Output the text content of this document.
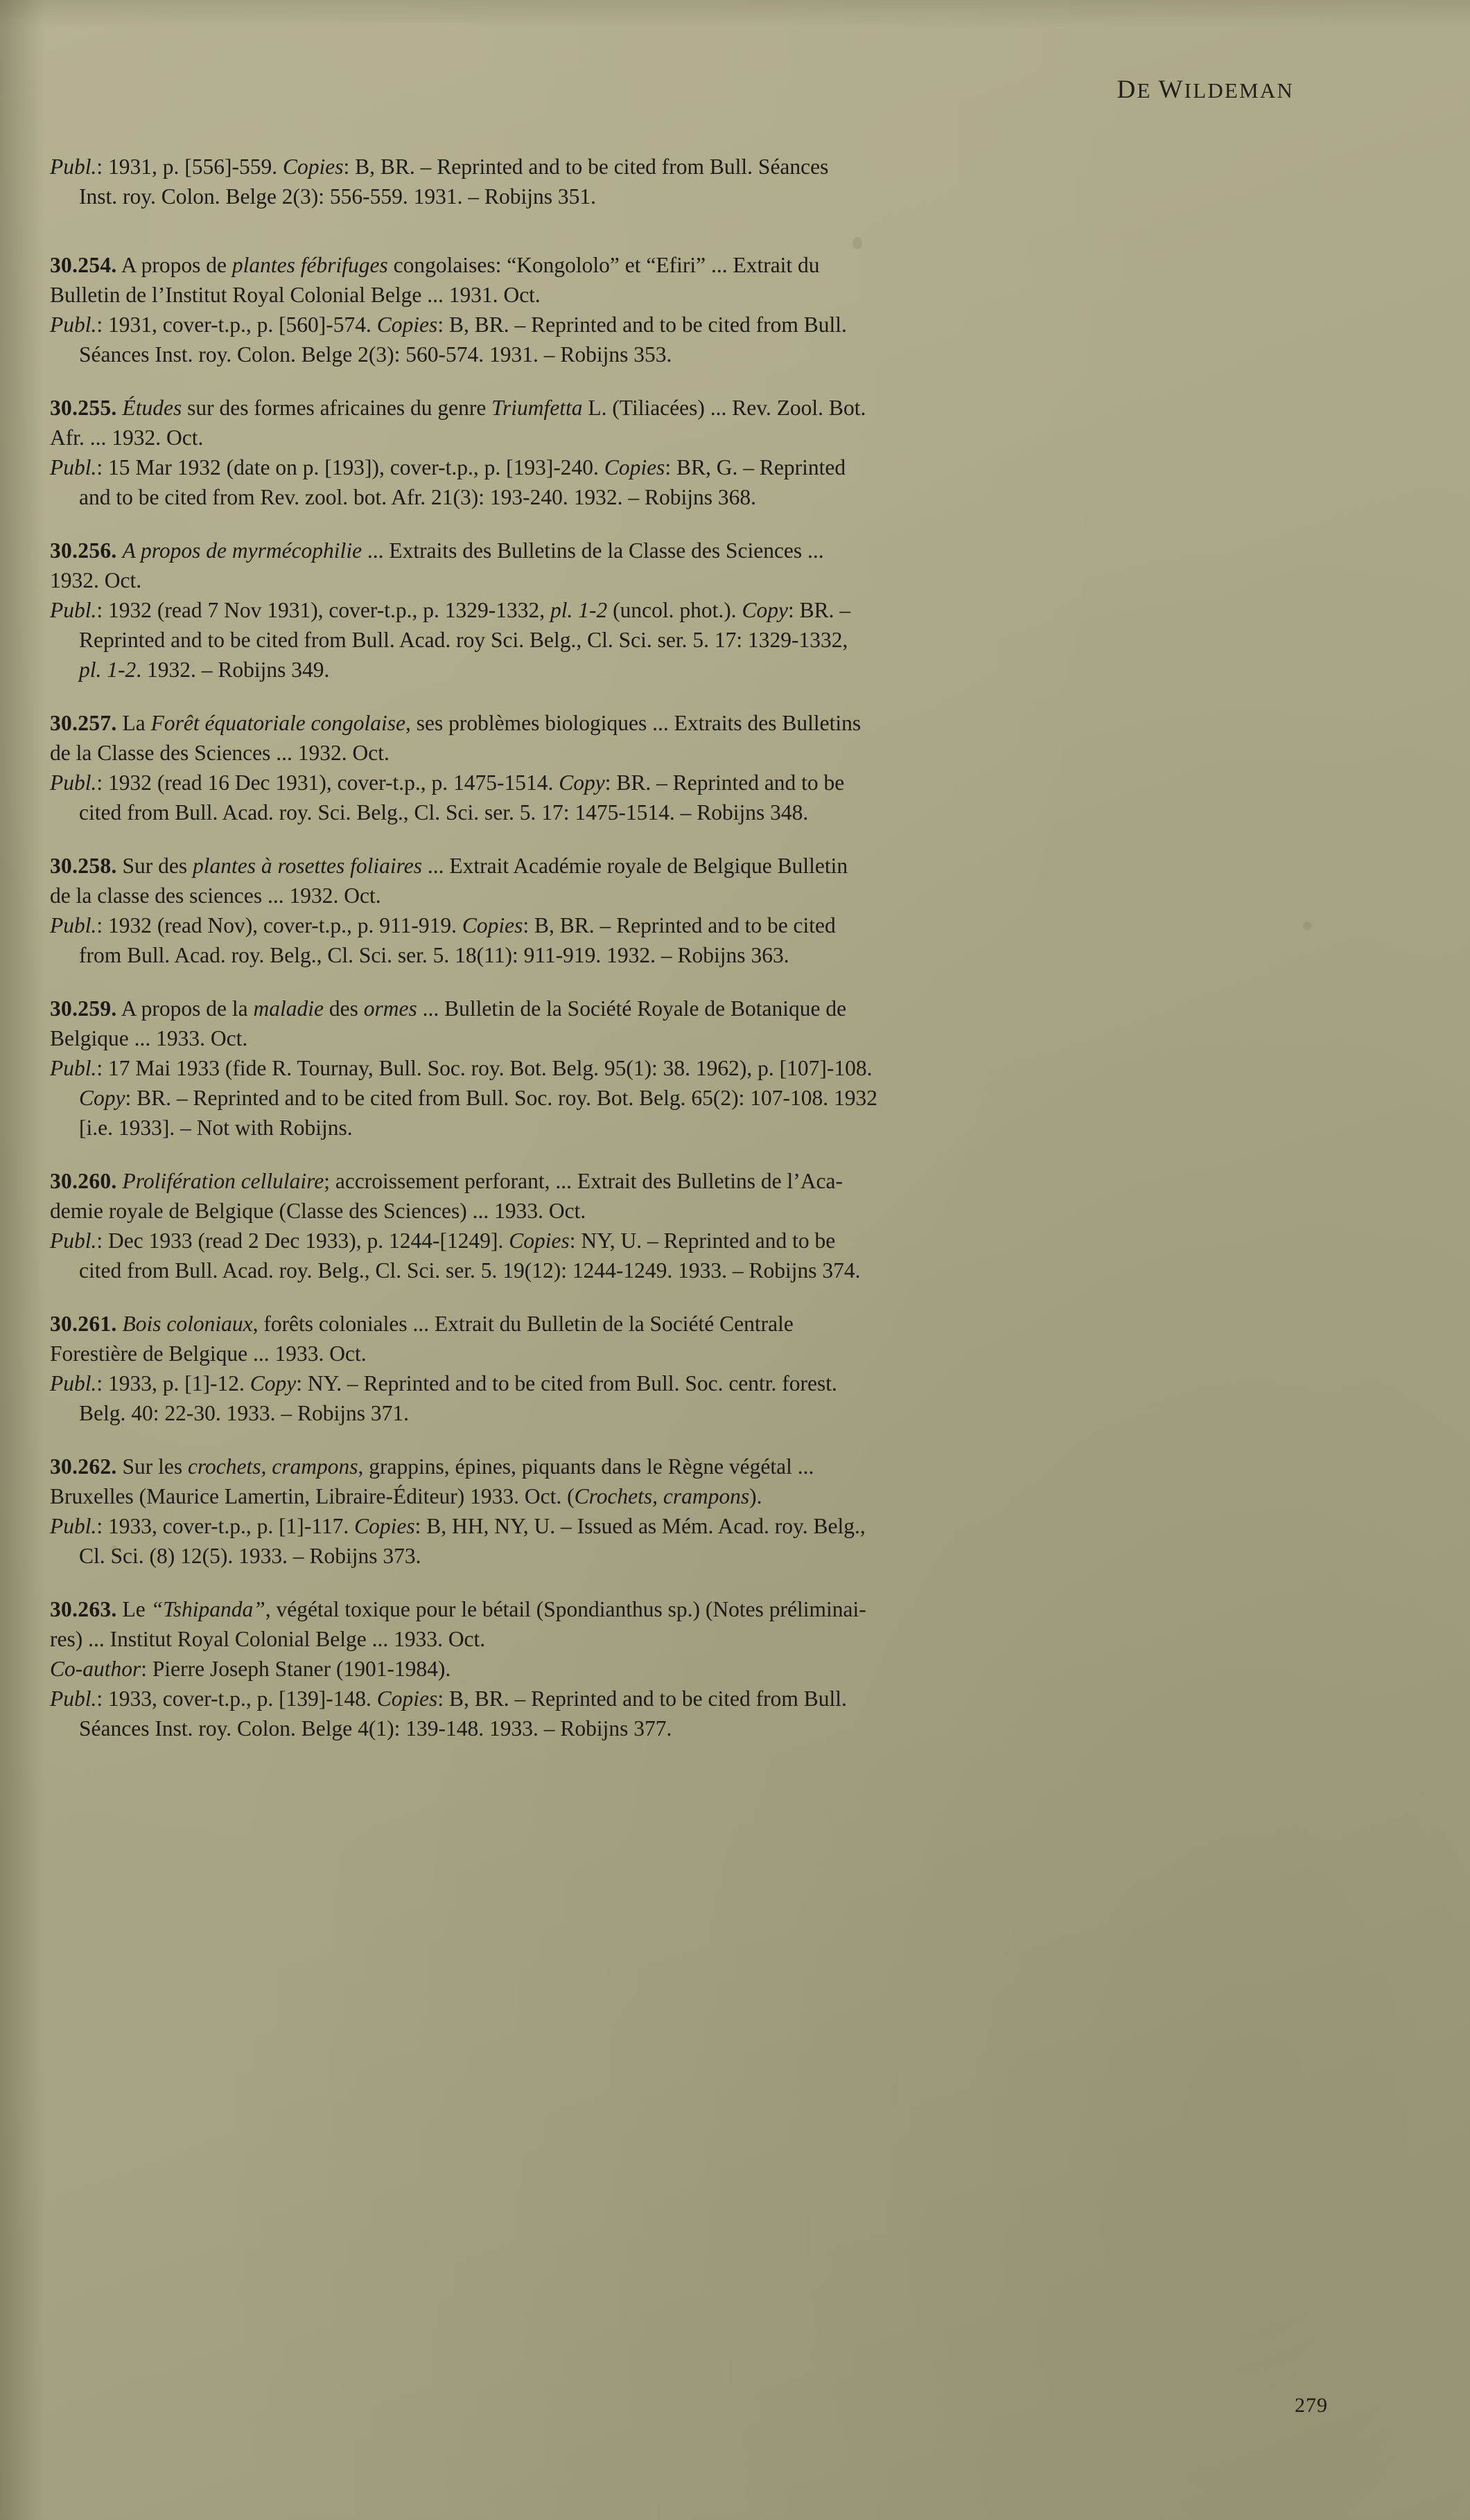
DE WILDEMAN

Publ.: 1931, p. [556]-559. Copies: B, BR. – Reprinted and to be cited from Bull. Séances

Inst. roy. Colon. Belge 2(3): 556-559. 1931. – Robijns 351.

30.254. A propos de plantes fébrifuges congolaises: “Kongololo” et “Efiri” ... Extrait du

Bulletin de l’Institut Royal Colonial Belge ... 1931. Oct.

Publ.: 1931, cover-t.p., p. [560]-574. Copies: B, BR. – Reprinted and to be cited from Bull.

Séances Inst. roy. Colon. Belge 2(3): 560-574. 1931. – Robijns 353.

30.255. Études sur des formes africaines du genre Triumfetta L. (Tiliacées) ... Rev. Zool. Bot.

Afr. ... 1932. Oct.

Publ.: 15 Mar 1932 (date on p. [193]), cover-t.p., p. [193]-240. Copies: BR, G. – Reprinted

and to be cited from Rev. zool. bot. Afr. 21(3): 193-240. 1932. – Robijns 368.

30.256. A propos de myrmécophilie ... Extraits des Bulletins de la Classe des Sciences ...

1932. Oct.

Publ.: 1932 (read 7 Nov 1931), cover-t.p., p. 1329-1332, pl. 1-2 (uncol. phot.). Copy: BR. –

Reprinted and to be cited from Bull. Acad. roy Sci. Belg., Cl. Sci. ser. 5. 17: 1329-1332,

pl. 1-2. 1932. – Robijns 349.

30.257. La Forêt équatoriale congolaise, ses problèmes biologiques ... Extraits des Bulletins

de la Classe des Sciences ... 1932. Oct.

Publ.: 1932 (read 16 Dec 1931), cover-t.p., p. 1475-1514. Copy: BR. – Reprinted and to be

cited from Bull. Acad. roy. Sci. Belg., Cl. Sci. ser. 5. 17: 1475-1514. – Robijns 348.

30.258. Sur des plantes à rosettes foliaires ... Extrait Académie royale de Belgique Bulletin

de la classe des sciences ... 1932. Oct.

Publ.: 1932 (read Nov), cover-t.p., p. 911-919. Copies: B, BR. – Reprinted and to be cited

from Bull. Acad. roy. Belg., Cl. Sci. ser. 5. 18(11): 911-919. 1932. – Robijns 363.

30.259. A propos de la maladie des ormes ... Bulletin de la Société Royale de Botanique de

Belgique ... 1933. Oct.

Publ.: 17 Mai 1933 (fide R. Tournay, Bull. Soc. roy. Bot. Belg. 95(1): 38. 1962), p. [107]-108.

Copy: BR. – Reprinted and to be cited from Bull. Soc. roy. Bot. Belg. 65(2): 107-108. 1932

[i.e. 1933]. – Not with Robijns.

30.260. Prolifération cellulaire; accroissement perforant, ... Extrait des Bulletins de l’Aca-

demie royale de Belgique (Classe des Sciences) ... 1933. Oct.

Publ.: Dec 1933 (read 2 Dec 1933), p. 1244-[1249]. Copies: NY, U. – Reprinted and to be

cited from Bull. Acad. roy. Belg., Cl. Sci. ser. 5. 19(12): 1244-1249. 1933. – Robijns 374.

30.261. Bois coloniaux, forêts coloniales ... Extrait du Bulletin de la Société Centrale

Forestière de Belgique ... 1933. Oct.

Publ.: 1933, p. [1]-12. Copy: NY. – Reprinted and to be cited from Bull. Soc. centr. forest.

Belg. 40: 22-30. 1933. – Robijns 371.

30.262. Sur les crochets, crampons, grappins, épines, piquants dans le Règne végétal ...

Bruxelles (Maurice Lamertin, Libraire-Éditeur) 1933. Oct. (Crochets, crampons).

Publ.: 1933, cover-t.p., p. [1]-117. Copies: B, HH, NY, U. – Issued as Mém. Acad. roy. Belg.,

Cl. Sci. (8) 12(5). 1933. – Robijns 373.

30.263. Le “Tshipanda”, végétal toxique pour le bétail (Spondianthus sp.) (Notes préliminai-

res) ... Institut Royal Colonial Belge ... 1933. Oct.

Co-author: Pierre Joseph Staner (1901-1984).

Publ.: 1933, cover-t.p., p. [139]-148. Copies: B, BR. – Reprinted and to be cited from Bull.

Séances Inst. roy. Colon. Belge 4(1): 139-148. 1933. – Robijns 377.

279
